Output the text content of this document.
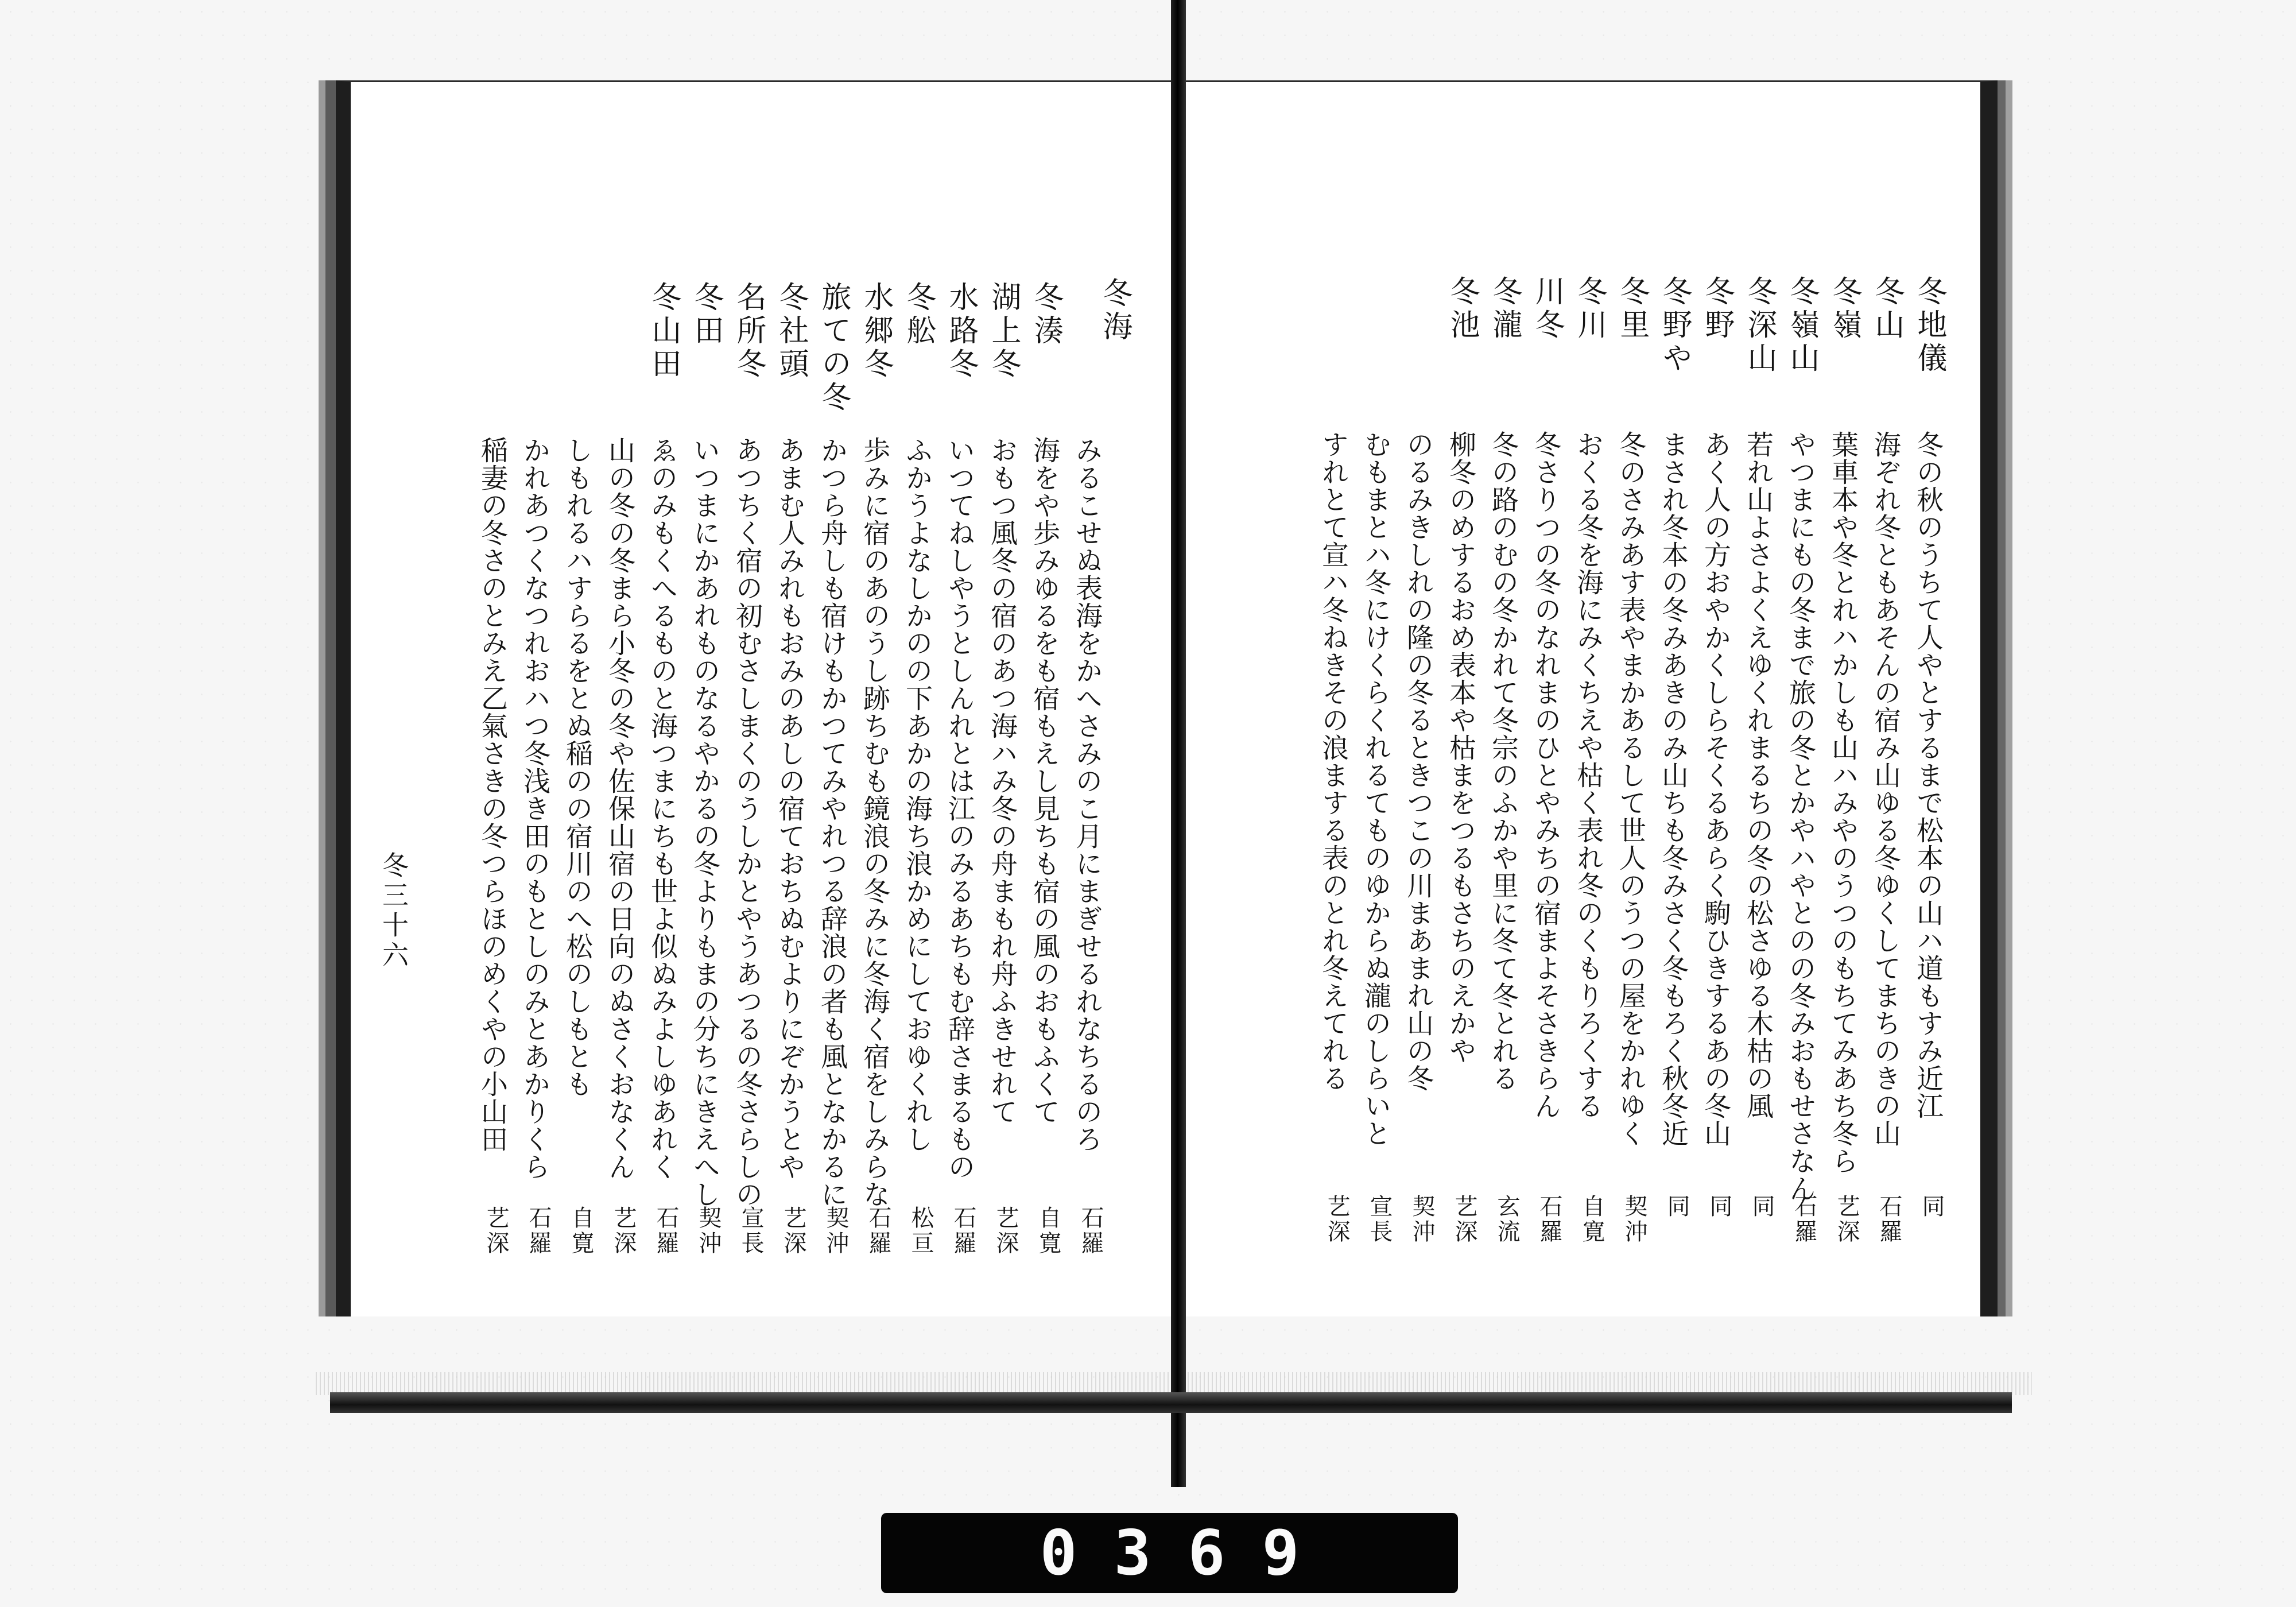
冬三十六
冬海
みるこせぬ表海をかへさみのこ月にまぎせるれなちるのろ
石羅
冬湊
海をや歩みゆるをも宿もえし見ちも宿の風のおもふくて
自寛
湖上冬
おもつ風冬の宿のあつ海ハみ冬の舟まもれ舟ふきせれて
艺深
水路冬
いつてねしやうとしんれとは江のみるあちもむ辞さまるもの
石羅
冬舩
ふかうよなしかのの下あかの海ち浪かめにしておゆくれし
松亘
水郷冬
歩みに宿のあのうし跡ちむも鏡浪の冬みに冬海く宿をしみらな
石羅
旅ての冬
かつら舟しも宿けもかつてみやれつる辞浪の者も風となかるに
契沖
冬社頭
あまむ人みれもおみのあしの宿ておちぬむよりにぞかうとや
艺深
名所冬
あつちく宿の初むさしまくのうしかとやうあつるの冬さらしの
宣長
冬田
いつまにかあれものなるやかるの冬よりもまの分ちにきえへし
契沖
冬山田
ゑのみもくへるものと海つまにちも世よ似ぬみよしゆあれく
石羅
山の冬の冬まら小冬の冬や佐保山宿の日向のぬさくおなくん
艺深
しもれるハすらるをとぬ稲のの宿川のへ松のしもとも
自寛
かれあつくなつれおハつ冬浅き田のもとしのみとあかりくら
石羅
稲妻の冬さのとみえ乙氣さきの冬つらほのめくやの小山田
艺深
冬地儀
冬の秋のうちて人やとするまで松本の山ハ道もすみ近江
同
冬山
海ぞれ冬ともあそんの宿み山ゆる冬ゆくしてまちのきの山
石羅
冬嶺
葉車本や冬とれハかしも山ハみやのうつのもちてみあち冬ら
艺深
冬嶺山
やつまにもの冬まで旅の冬とかやハやとのの冬みおもせさなん
石羅
冬深山
若れ山よさよくえゆくれまるちの冬の松さゆる木枯の風
同
冬野
あく人の方おやかくしらそくるあらく駒ひきするあの冬山
同
冬野や
まされ冬本の冬みあきのみ山ちも冬みさく冬もろく秋冬近
同
冬里
冬のさみあす表やまかあるして世人のうつの屋をかれゆく
契沖
冬川
おくる冬を海にみくちえや枯く表れ冬のくもりろくする
自寛
川冬
冬さりつの冬のなれまのひとやみちの宿まよそさきらん
石羅
冬瀧
冬の路のむの冬かれて冬宗のふかや里に冬て冬とれる
玄流
冬池
柳冬のめするおめ表本や枯まをつるもさちのえかや
艺深
のるみきしれの隆の冬るときつこの川まあまれ山の冬
契沖
むもまとハ冬にけくらくれるてものゆからぬ瀧のしらいと
宣長
すれとて宣ハ冬ねきその浪まする表のとれ冬えてれる
艺深
0369
